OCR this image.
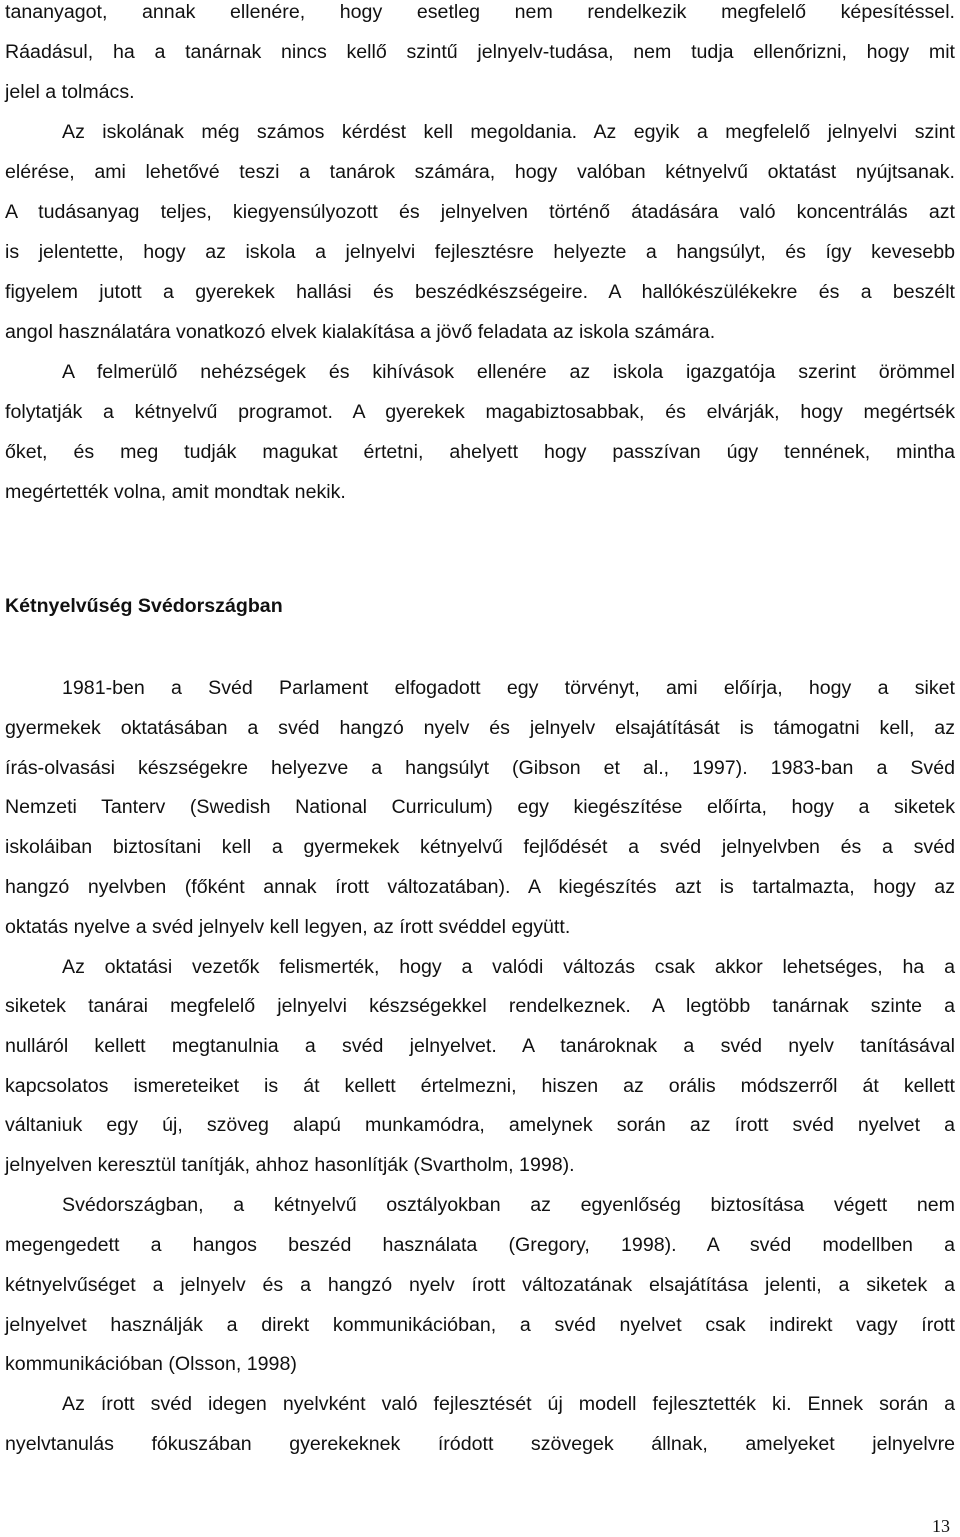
tananyagot, annak ellenére, hogy esetleg nem rendelkezik megfelelő képesítéssel.
Ráadásul, ha a tanárnak nincs kellő szintű jelnyelv-tudása, nem tudja ellenőrizni, hogy mit
jelel a tolmács.
Az iskolának még számos kérdést kell megoldania. Az egyik a megfelelő jelnyelvi szint
elérése, ami lehetővé teszi a tanárok számára, hogy valóban kétnyelvű oktatást nyújtsanak.
A tudásanyag teljes, kiegyensúlyozott és jelnyelven történő átadására való koncentrálás azt
is jelentette, hogy az iskola a jelnyelvi fejlesztésre helyezte a hangsúlyt, és így kevesebb
figyelem jutott a gyerekek hallási és beszédkészségeire. A hallókészülékekre és a beszélt
angol használatára vonatkozó elvek kialakítása a jövő feladata az iskola számára.
A felmerülő nehézségek és kihívások ellenére az iskola igazgatója szerint örömmel
folytatják a kétnyelvű programot. A gyerekek magabiztosabbak, és elvárják, hogy megértsék
őket, és meg tudják magukat értetni, ahelyett hogy passzívan úgy tennének, mintha
megértették volna, amit mondtak nekik.
Kétnyelvűség Svédországban
1981-ben a Svéd Parlament elfogadott egy törvényt, ami előírja, hogy a siket
gyermekek oktatásában a svéd hangzó nyelv és jelnyelv elsajátítását is támogatni kell, az
írás-olvasási készségekre helyezve a hangsúlyt (Gibson et al., 1997). 1983-ban a Svéd
Nemzeti Tanterv (Swedish National Curriculum) egy kiegészítése előírta, hogy a siketek
iskoláiban biztosítani kell a gyermekek kétnyelvű fejlődését a svéd jelnyelvben és a svéd
hangzó nyelvben (főként annak írott változatában). A kiegészítés azt is tartalmazta, hogy az
oktatás nyelve a svéd jelnyelv kell legyen, az írott svéddel együtt.
Az oktatási vezetők felismerték, hogy a valódi változás csak akkor lehetséges, ha a
siketek tanárai megfelelő jelnyelvi készségekkel rendelkeznek. A legtöbb tanárnak szinte a
nulláról kellett megtanulnia a svéd jelnyelvet. A tanároknak a svéd nyelv tanításával
kapcsolatos ismereteiket is át kellett értelmezni, hiszen az orális módszerről át kellett
váltaniuk egy új, szöveg alapú munkamódra, amelynek során az írott svéd nyelvet a
jelnyelven keresztül tanítják, ahhoz hasonlítják (Svartholm, 1998).
Svédországban, a kétnyelvű osztályokban az egyenlőség biztosítása végett nem
megengedett a hangos beszéd használata (Gregory, 1998). A svéd modellben a
kétnyelvűséget a jelnyelv és a hangzó nyelv írott változatának elsajátítása jelenti, a siketek a
jelnyelvet használják a direkt kommunikációban, a svéd nyelvet csak indirekt vagy írott
kommunikációban (Olsson, 1998)
Az írott svéd idegen nyelvként való fejlesztését új modell fejlesztették ki. Ennek során a
nyelvtanulás fókuszában gyerekeknek íródott szövegek állnak, amelyeket jelnyelvre
13
